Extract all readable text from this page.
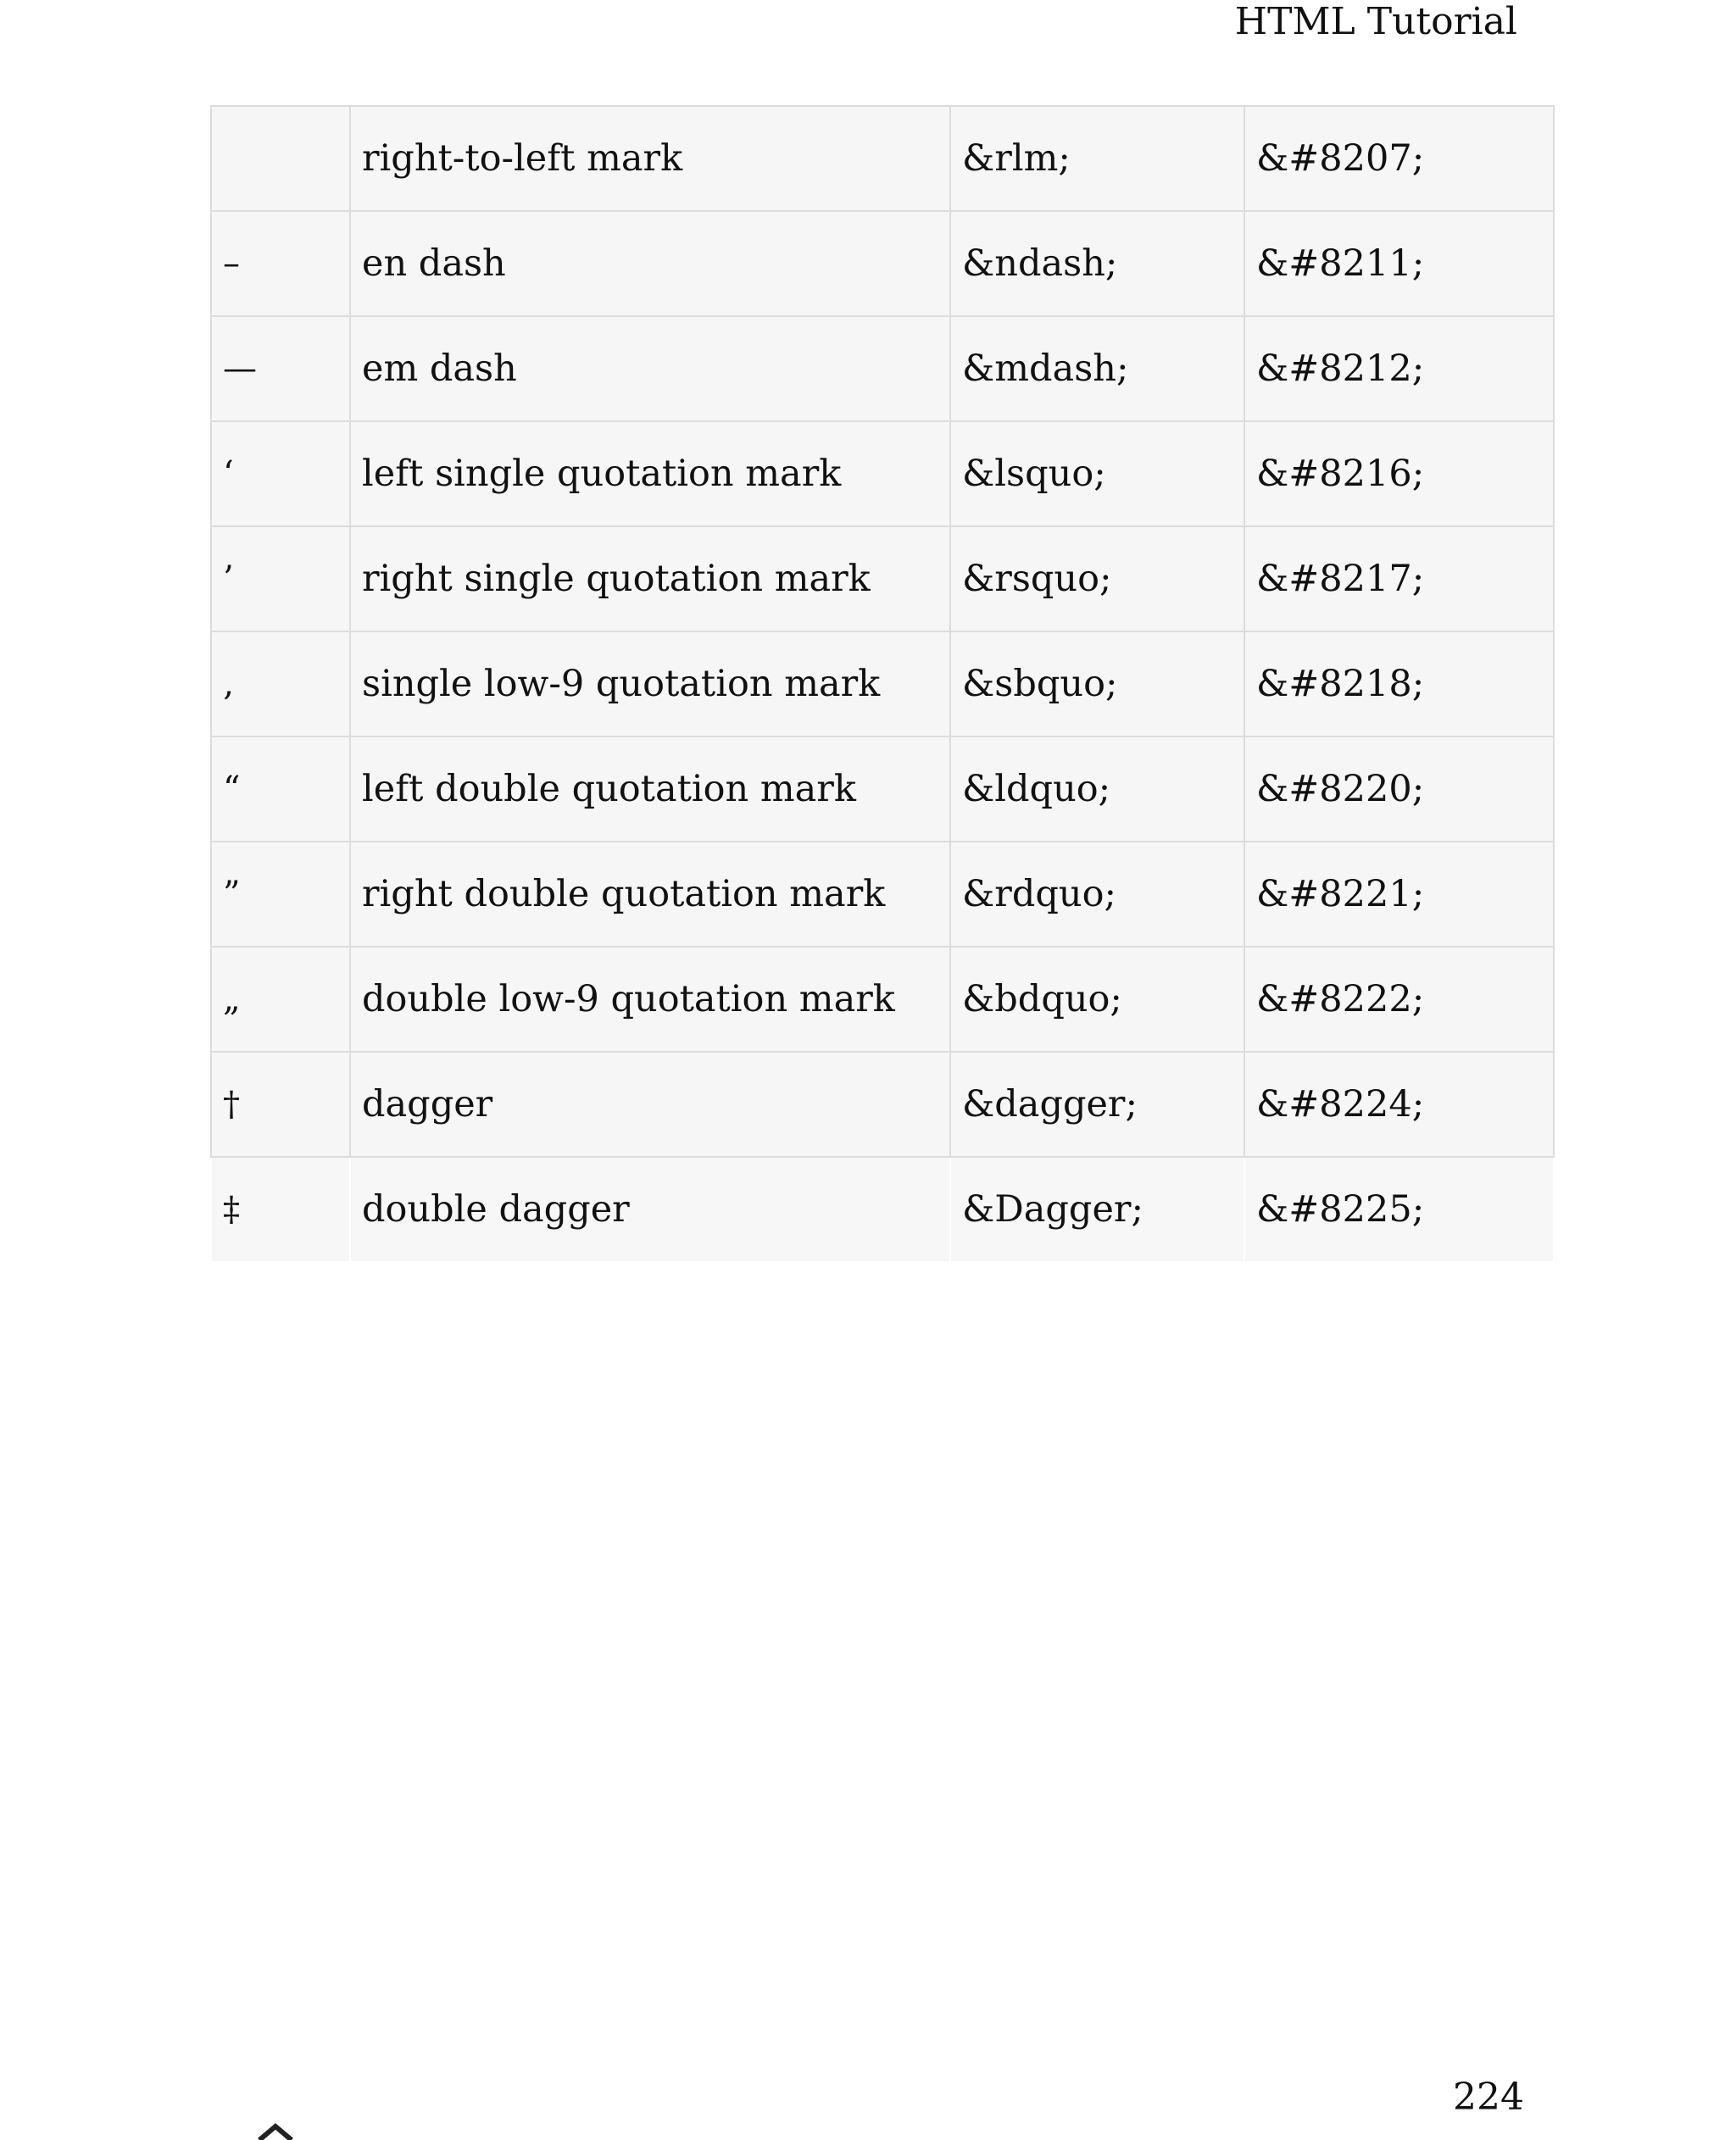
HTML Tutorial
	right-to-left mark	&rlm;	&#8207;
–	en dash	&ndash;	&#8211;
—	em dash	&mdash;	&#8212;
‘	left single quotation mark	&lsquo;	&#8216;
’	right single quotation mark	&rsquo;	&#8217;
‚	single low-9 quotation mark	&sbquo;	&#8218;
“	left double quotation mark	&ldquo;	&#8220;
”	right double quotation mark	&rdquo;	&#8221;
„	double low-9 quotation mark	&bdquo;	&#8222;
†	dagger	&dagger;	&#8224;
‡	double dagger	&Dagger;	&#8225;
224
